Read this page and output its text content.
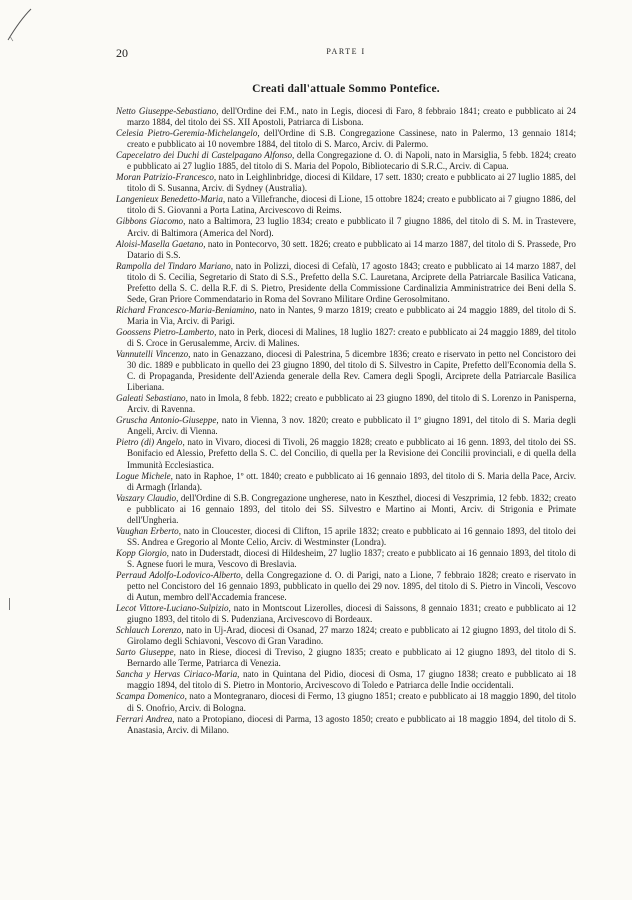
20	PARTE I
Creati dall'attuale Sommo Pontefice.

Netto Giuseppe-Sebastiano, dell'Ordine dei F.M., nato in Legis, diocesi di Faro, 8 febbraio 1841; creato e pubblicato ai 24 marzo 1884, del titolo dei SS. XII Apostoli, Patriarca di Lisbona.

Celesia Pietro-Geremia-Michelangelo, dell'Ordine di S.B. Congregazione Cassinese, nato in Palermo, 13 gennaio 1814; creato e pubblicato ai 10 novembre 1884, del titolo di S. Marco, Arciv. di Palermo.

Capecelatro dei Duchi di Castelpagano Alfonso, della Congregazione d. O. di Napoli, nato in Marsiglia, 5 febb. 1824; creato e pubblicato ai 27 luglio 1885, del titolo di S. Maria del Popolo, Bibliotecario di S.R.C., Arciv. di Capua.

Moran Patrizio-Francesco, nato in Leighlinbridge, diocesi di Kildare, 17 sett. 1830; creato e pubblicato ai 27 luglio 1885, del titolo di S. Susanna, Arciv. di Sydney (Australia).

Langenieux Benedetto-Maria, nato a Villefranche, diocesi di Lione, 15 ottobre 1824; creato e pubblicato ai 7 giugno 1886, del titolo di S. Giovanni a Porta Latina, Arcivescovo di Reims.

Gibbons Giacomo, nato a Baltimora, 23 luglio 1834; creato e pubblicato il 7 giugno 1886, del titolo di S. M. in Trastevere, Arciv. di Baltimora (America del Nord).

Aloisi-Masella Gaetano, nato in Pontecorvo, 30 sett. 1826; creato e pubblicato ai 14 marzo 1887, del titolo di S. Prassede, Pro Datario di S.S.

Rampolla del Tindaro Mariano, nato in Polizzi, diocesi di Cefalù, 17 agosto 1843; creato e pubblicato ai 14 marzo 1887, del titolo di S. Cecilia, Segretario di Stato di S.S., Prefetto della S.C. Lauretana, Arciprete della Patriarcale Basilica Vaticana, Prefetto della S. C. della R.F. di S. Pietro, Presidente della Commissione Cardinalizia Amministratrice dei Beni della S. Sede, Gran Priore Commendatario in Roma del Sovrano Militare Ordine Gerosolmitano.

Richard Francesco-Maria-Beniamino, nato in Nantes, 9 marzo 1819; creato e pubblicato ai 24 maggio 1889, del titolo di S. Maria in Via, Arciv. di Parigi.

Goossens Pietro-Lamberto, nato in Perk, diocesi di Malines, 18 luglio 1827: creato e pubblicato ai 24 maggio 1889, del titolo di S. Croce in Gerusalemme, Arciv. di Malines.

Vannutelli Vincenzo, nato in Genazzano, diocesi di Palestrina, 5 dicembre 1836; creato e riservato in petto nel Concistoro dei 30 dic. 1889 e pubblicato in quello dei 23 giugno 1890, del titolo di S. Silvestro in Capite, Prefetto dell'Economia della S. C. di Propaganda, Presidente dell'Azienda generale della Rev. Camera degli Spogli, Arciprete della Patriarcale Basilica Liberiana.

Galeati Sebastiano, nato in Imola, 8 febb. 1822; creato e pubblicato ai 23 giugno 1890, del titolo di S. Lorenzo in Panisperna, Arciv. di Ravenna.

Gruscha Antonio-Giuseppe, nato in Vienna, 3 nov. 1820; creato e pubblicato il 1º giugno 1891, del titolo di S. Maria degli Angeli, Arciv. di Vienna.

Pietro (di) Angelo, nato in Vivaro, diocesi di Tivoli, 26 maggio 1828; creato e pubblicato ai 16 genn. 1893, del titolo dei SS. Bonifacio ed Alessio, Prefetto della S. C. del Concilio, di quella per la Revisione dei Concilii provinciali, e di quella della Immunità Ecclesiastica.

Logue Michele, nato in Raphoe, 1º ott. 1840; creato e pubblicato ai 16 gennaio 1893, del titolo di S. Maria della Pace, Arciv. di Armagh (Irlanda).

Vaszary Claudio, dell'Ordine di S.B. Congregazione ungherese, nato in Keszthel, diocesi di Veszprimia, 12 febb. 1832; creato e pubblicato ai 16 gennaio 1893, del titolo dei SS. Silvestro e Martino ai Monti, Arciv. di Strigonia e Primate dell'Ungheria.

Vaughan Erberto, nato in Cloucester, diocesi di Clifton, 15 aprile 1832; creato e pubblicato ai 16 gennaio 1893, del titolo dei SS. Andrea e Gregorio al Monte Celio, Arciv. di Westminster (Londra).

Kopp Giorgio, nato in Duderstadt, diocesi di Hildesheim, 27 luglio 1837; creato e pubblicato ai 16 gennaio 1893, del titolo di S. Agnese fuori le mura, Vescovo di Breslavia.

Perraud Adolfo-Lodovico-Alberto, della Congregazione d. O. di Parigi, nato a Lione, 7 febbraio 1828; creato e riservato in petto nel Concistoro del 16 gennaio 1893, pubblicato in quello dei 29 nov. 1895, del titolo di S. Pietro in Vincoli, Vescovo di Autun, membro dell'Accademia francese.

Lecot Vittore-Luciano-Sulpizio, nato in Montscout Lizerolles, diocesi di Saissons, 8 gennaio 1831; creato e pubblicato ai 12 giugno 1893, del titolo di S. Pudenziana, Arcivescovo di Bordeaux.

Schlauch Lorenzo, nato in Uj-Arad, diocesi di Osanad, 27 marzo 1824; creato e pubblicato ai 12 giugno 1893, del titolo di S. Girolamo degli Schiavoni, Vescovo di Gran Varadino.

Sarto Giuseppe, nato in Riese, diocesi di Treviso, 2 giugno 1835; creato e pubblicato ai 12 giugno 1893, del titolo di S. Bernardo alle Terme, Patriarca di Venezia.

Sancha y Hervas Ciriaco-Maria, nato in Quintana del Pidio, diocesi di Osma, 17 giugno 1838; creato e pubblicato ai 18 maggio 1894, del titolo di S. Pietro in Montorio, Arcivescovo di Toledo e Patriarca delle Indie occidentali.

Scampa Domenico, nato a Montegranaro, diocesi di Fermo, 13 giugno 1851; creato e pubblicato ai 18 maggio 1890, del titolo di S. Onofrio, Arciv. di Bologna.

Ferrari Andrea, nato a Protopiano, diocesi di Parma, 13 agosto 1850; creato e pubblicato ai 18 maggio 1894, del titolo di S. Anastasia, Arciv. di Milano.
